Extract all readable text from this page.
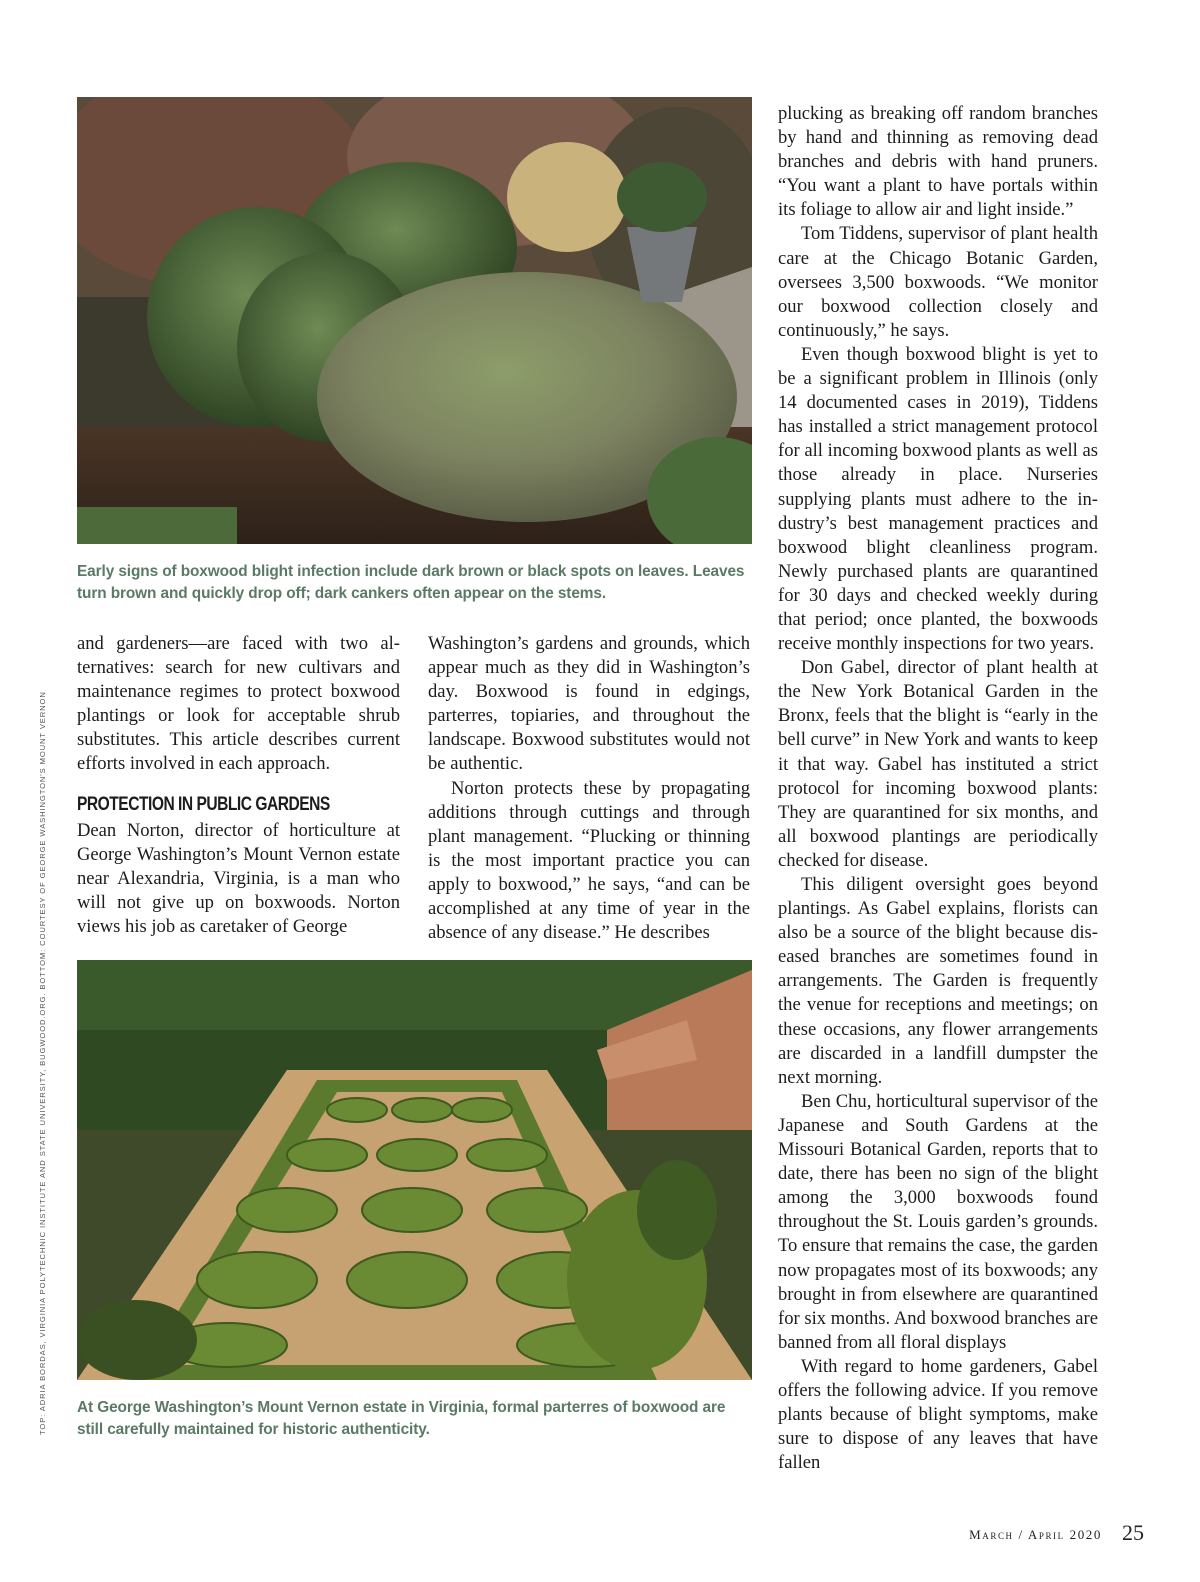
TOP: ADRIA BORDAS, VIRGINIA POLYTECHNIC INSTITUTE AND STATE UNIVERSITY, BUGWOOD.ORG. BOTTOM: COURTESY OF GEORGE WASHINGTON'S MOUNT VERNON
Early signs of boxwood blight infection include dark brown or black spots on leaves. Leaves turn brown and quickly drop off; dark cankers often appear on the stems.

and gardeners—are faced with two alternatives: search for new cultivars and maintenance regimes to protect boxwood plantings or look for acceptable shrub substitutes. This article describes current efforts involved in each approach.

PROTECTION IN PUBLIC GARDENS

Dean Norton, director of horticulture at George Washington’s Mount Vernon estate near Alexandria, Virginia, is a man who will not give up on boxwoods. Norton views his job as caretaker of George

Washington’s gardens and grounds, which appear much as they did in Washington’s day. Boxwood is found in edgings, parterres, topiaries, and throughout the landscape. Boxwood substitutes would not be authentic.

Norton protects these by propagating additions through cuttings and through plant management. “Plucking or thinning is the most important practice you can apply to boxwood,” he says, “and can be accomplished at any time of year in the absence of any disease.” He describes

At George Washington’s Mount Vernon estate in Virginia, formal parterres of boxwood are still carefully maintained for historic authenticity.

plucking as breaking off random branches by hand and thinning as removing dead branches and debris with hand pruners. “You want a plant to have portals within its foliage to allow air and light inside.”

Tom Tiddens, supervisor of plant health care at the Chicago Botanic Garden, oversees 3,500 boxwoods. “We monitor our boxwood collection closely and continuously,” he says.

Even though boxwood blight is yet to be a significant problem in Illinois (only 14 documented cases in 2019), Tiddens has installed a strict management protocol for all incoming boxwood plants as well as those already in place. Nurseries supplying plants must adhere to the industry’s best management practices and boxwood blight cleanliness program. Newly purchased plants are quarantined for 30 days and checked weekly during that period; once planted, the boxwoods receive monthly inspections for two years.

Don Gabel, director of plant health at the New York Botanical Garden in the Bronx, feels that the blight is “early in the bell curve” in New York and wants to keep it that way. Gabel has instituted a strict protocol for incoming boxwood plants: They are quarantined for six months, and all boxwood plantings are periodically checked for disease.

This diligent oversight goes beyond plantings. As Gabel explains, florists can also be a source of the blight because diseased branches are sometimes found in arrangements. The Garden is frequently the venue for receptions and meetings; on these occasions, any flower arrangements are discarded in a landfill dumpster the next morning.

Ben Chu, horticultural supervisor of the Japanese and South Gardens at the Missouri Botanical Garden, reports that to date, there has been no sign of the blight among the 3,000 boxwoods found throughout the St. Louis garden’s grounds. To ensure that remains the case, the garden now propagates most of its boxwoods; any brought in from elsewhere are quarantined for six months. And boxwood branches are banned from all floral displays

With regard to home gardeners, Gabel offers the following advice. If you remove plants because of blight symptoms, make sure to dispose of any leaves that have fallen

March / April 2020 25
